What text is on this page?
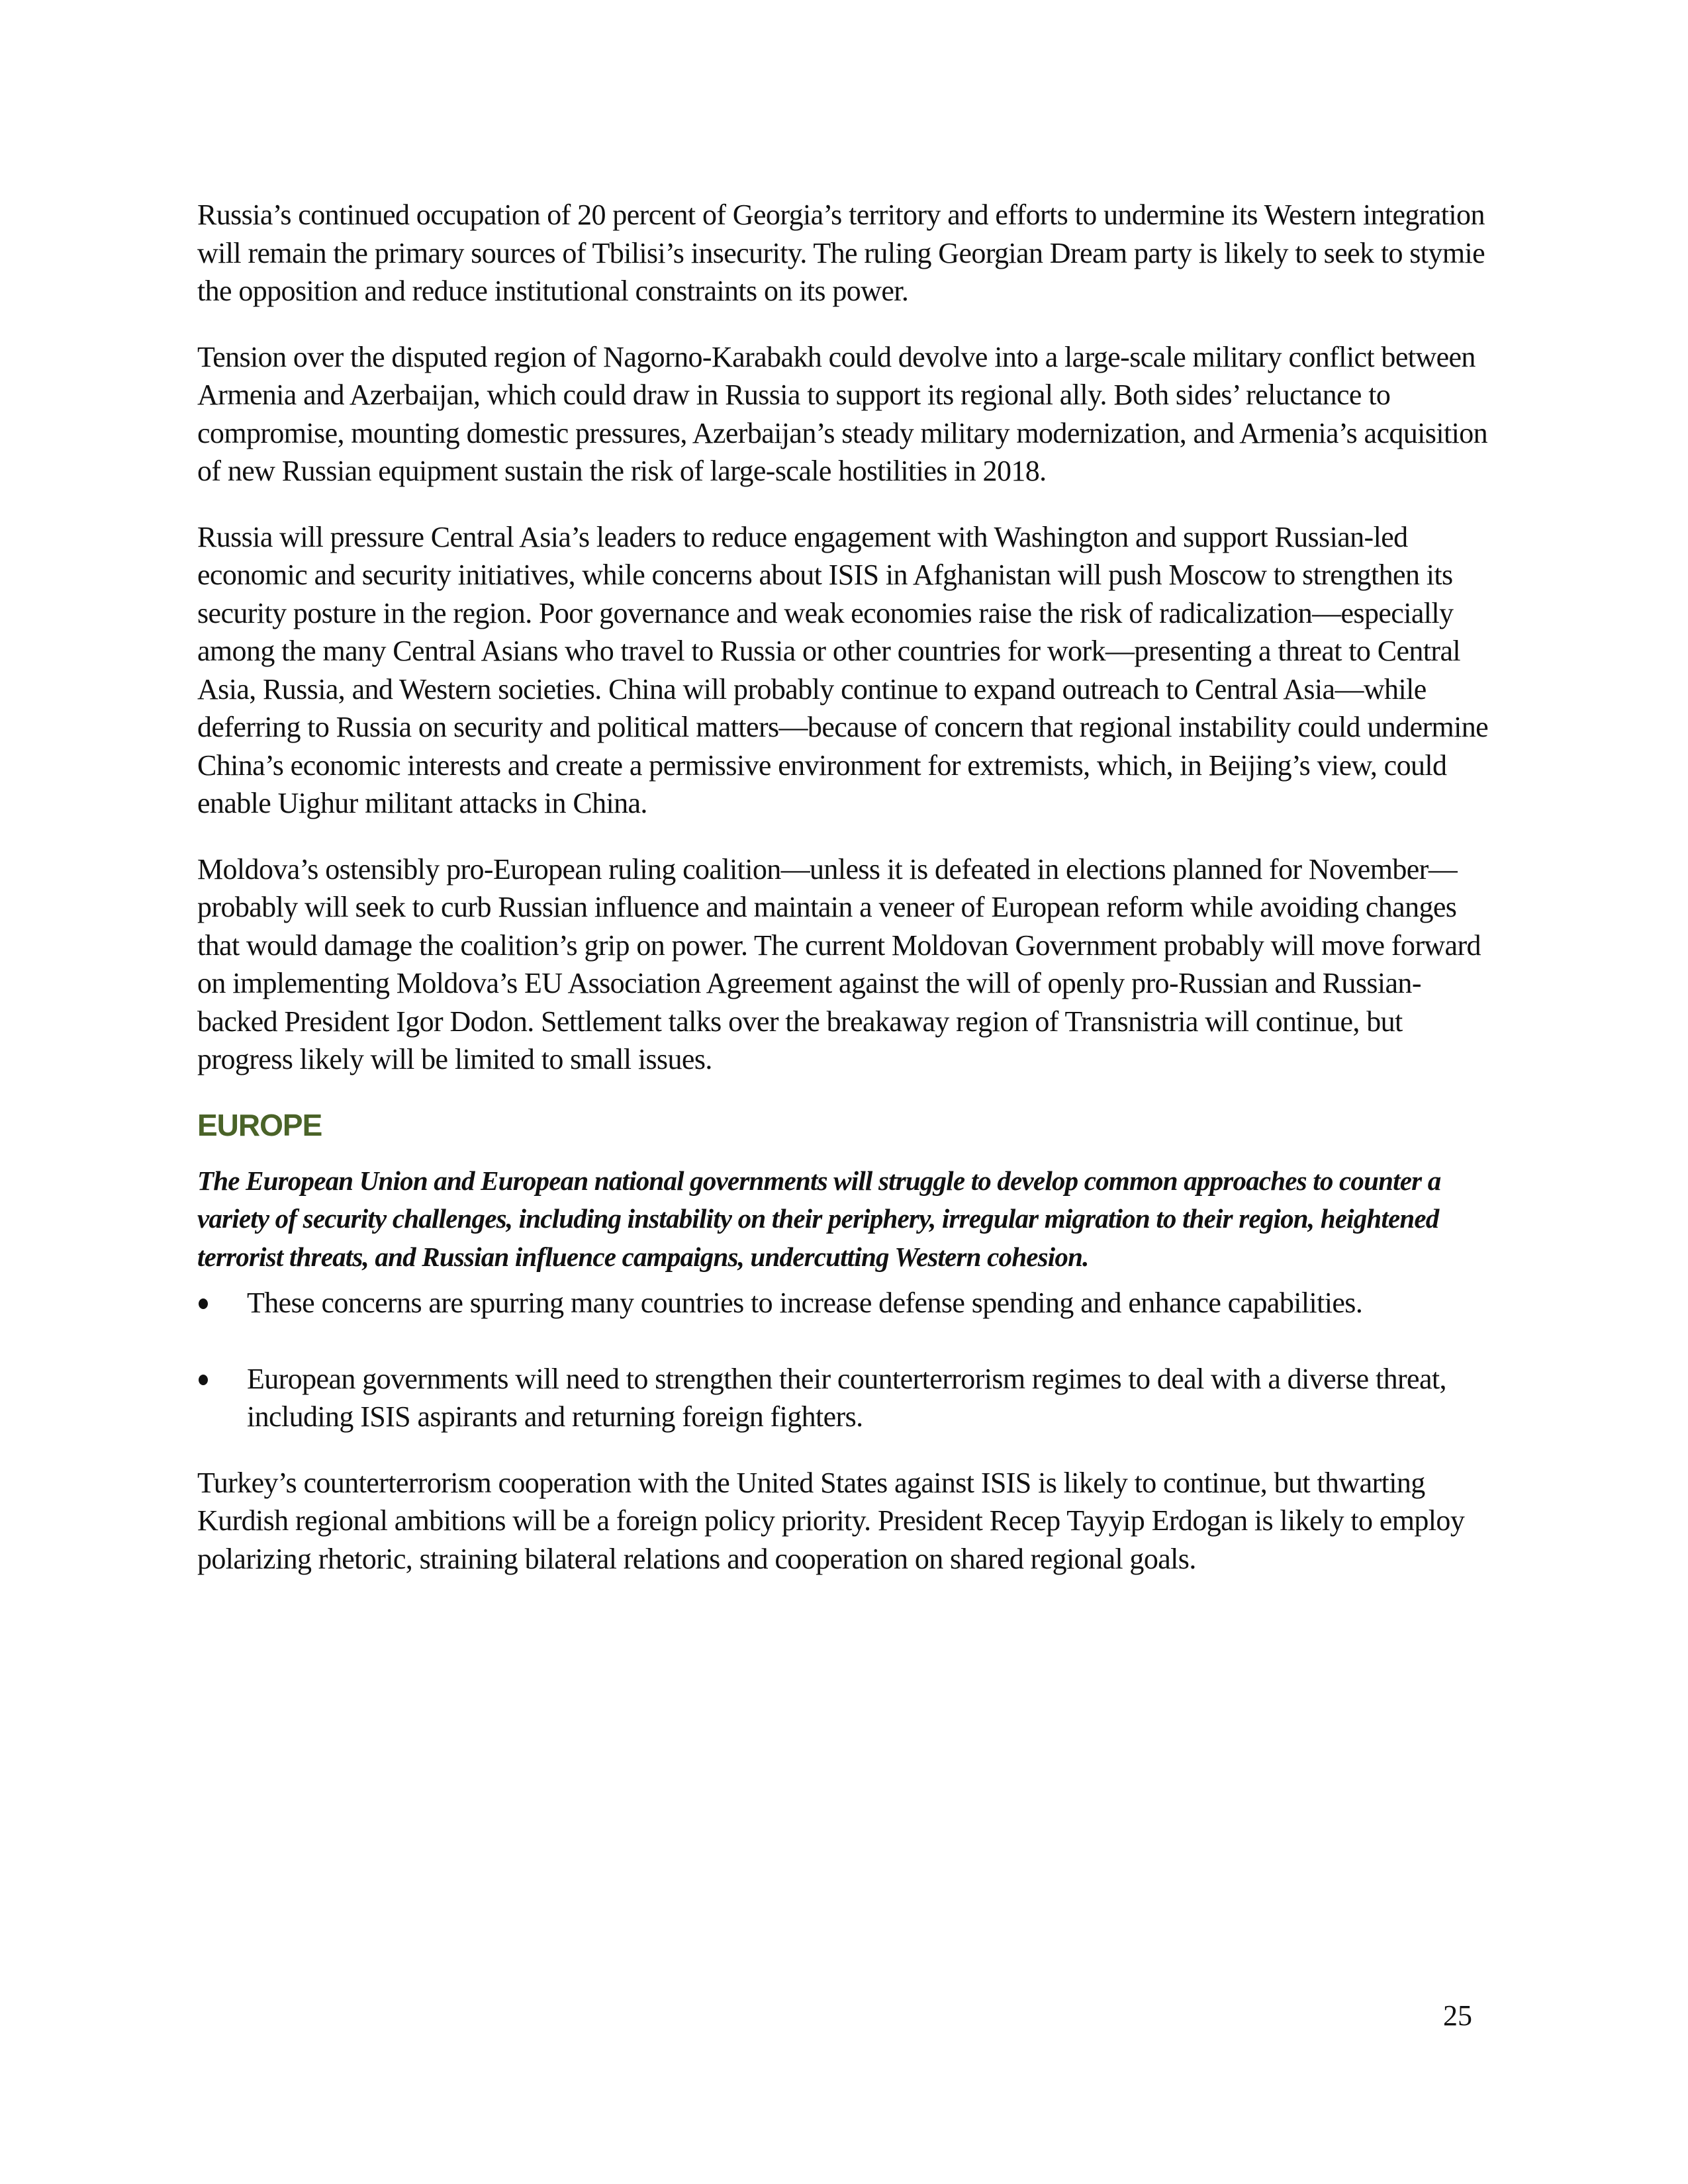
Russia’s continued occupation of 20 percent of Georgia’s territory and efforts to undermine its Western integration will remain the primary sources of Tbilisi’s insecurity. The ruling Georgian Dream party is likely to seek to stymie the opposition and reduce institutional constraints on its power.

Tension over the disputed region of Nagorno-Karabakh could devolve into a large-scale military conflict between Armenia and Azerbaijan, which could draw in Russia to support its regional ally. Both sides’ reluctance to compromise, mounting domestic pressures, Azerbaijan’s steady military modernization, and Armenia’s acquisition of new Russian equipment sustain the risk of large-scale hostilities in 2018.

Russia will pressure Central Asia’s leaders to reduce engagement with Washington and support Russian-led economic and security initiatives, while concerns about ISIS in Afghanistan will push Moscow to strengthen its security posture in the region. Poor governance and weak economies raise the risk of radicalization—especially among the many Central Asians who travel to Russia or other countries for work—presenting a threat to Central Asia, Russia, and Western societies. China will probably continue to expand outreach to Central Asia—while deferring to Russia on security and political matters—because of concern that regional instability could undermine China’s economic interests and create a permissive environment for extremists, which, in Beijing’s view, could enable Uighur militant attacks in China.

Moldova’s ostensibly pro-European ruling coalition—unless it is defeated in elections planned for November—probably will seek to curb Russian influence and maintain a veneer of European reform while avoiding changes that would damage the coalition’s grip on power. The current Moldovan Government probably will move forward on implementing Moldova’s EU Association Agreement against the will of openly pro-Russian and Russian-backed President Igor Dodon. Settlement talks over the breakaway region of Transnistria will continue, but progress likely will be limited to small issues.

EUROPE

The European Union and European national governments will struggle to develop common approaches to counter a variety of security challenges, including instability on their periphery, irregular migration to their region, heightened terrorist threats, and Russian influence campaigns, undercutting Western cohesion.

These concerns are spurring many countries to increase defense spending and enhance capabilities.
European governments will need to strengthen their counterterrorism regimes to deal with a diverse threat, including ISIS aspirants and returning foreign fighters.

Turkey’s counterterrorism cooperation with the United States against ISIS is likely to continue, but thwarting Kurdish regional ambitions will be a foreign policy priority. President Recep Tayyip Erdogan is likely to employ polarizing rhetoric, straining bilateral relations and cooperation on shared regional goals.

25
